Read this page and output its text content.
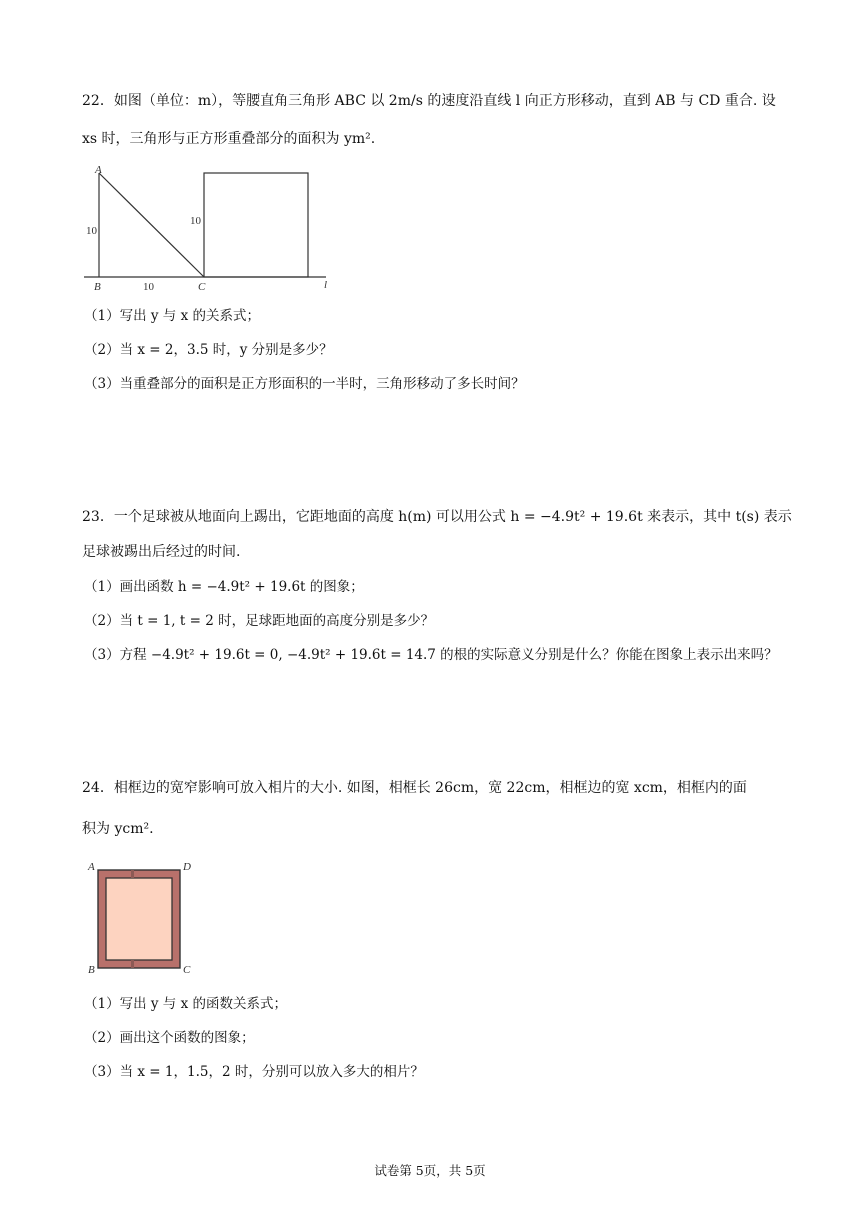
22．如图（单位：m），等腰直角三角形 ABC 以 2m/s 的速度沿直线 l 向正方形移动，直到 AB 与 CD 重合. 设
xs 时，三角形与正方形重叠部分的面积为 ym².
A
B	C	l
10
10
10
（1）写出 y 与 x 的关系式；
（2）当 x = 2，3.5 时，y 分别是多少？
（3）当重叠部分的面积是正方形面积的一半时，三角形移动了多长时间？
23．一个足球被从地面向上踢出，它距地面的高度 h(m) 可以用公式 h = −4.9t² + 19.6t 来表示，其中 t(s) 表示
足球被踢出后经过的时间.
（1）画出函数 h = −4.9t² + 19.6t 的图象；
（2）当 t = 1, t = 2 时，足球距地面的高度分别是多少？
（3）方程 −4.9t² + 19.6t = 0, −4.9t² + 19.6t = 14.7 的根的实际意义分别是什么？你能在图象上表示出来吗？
24．相框边的宽窄影响可放入相片的大小. 如图，相框长 26cm，宽 22cm，相框边的宽 xcm，相框内的面
积为 ycm².
A	D
B	C
（1）写出 y 与 x 的函数关系式；
（2）画出这个函数的图象；
（3）当 x = 1，1.5，2 时，分别可以放入多大的相片？
试卷第 5页，共 5页
